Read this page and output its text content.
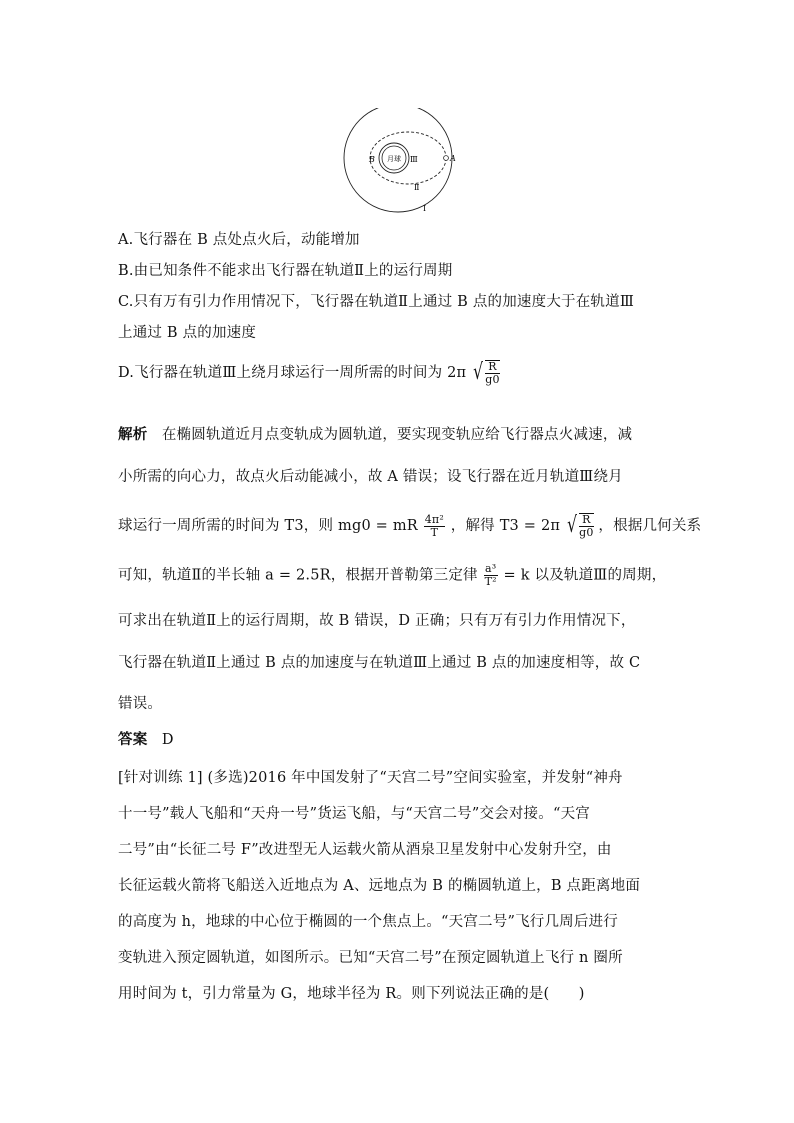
月球
B	A
Ⅲ
Ⅱ
Ⅰ
A.飞行器在 B 点处点火后，动能增加
B.由已知条件不能求出飞行器在轨道Ⅱ上的运行周期
C.只有万有引力作用情况下，飞行器在轨道Ⅱ上通过 B 点的加速度大于在轨道Ⅲ
上通过 B 点的加速度
D.飞行器在轨道Ⅲ上绕月球运行一周所需的时间为 2π √ $\frac{R}{g0}$
解析 在椭圆轨道近月点变轨成为圆轨道，要实现变轨应给飞行器点火减速，减
小所需的向心力，故点火后动能减小，故 A 错误；设飞行器在近月轨道Ⅲ绕月
球运行一周所需的时间为 T3，则 mg0 = mR $\frac{\text{4π²}}{T}$ ，解得 T3 = 2π √ $\frac{R}{g0}$ ，根据几何关系
可知，轨道Ⅱ的半长轴 a = 2.5R，根据开普勒第三定律 $\frac{\text{a³}}{\text{T²}} = k$ 以及轨道Ⅲ的周期，
可求出在轨道Ⅱ上的运行周期，故 B 错误，D 正确；只有万有引力作用情况下，
飞行器在轨道Ⅱ上通过 B 点的加速度与在轨道Ⅲ上通过 B 点的加速度相等，故 C
错误。
答案 D
[针对训练 1] (多选)2016 年中国发射了“天宫二号”空间实验室，并发射“神舟
十一号”载人飞船和“天舟一号”货运飞船，与“天宫二号”交会对接。“天宫
二号”由“长征二号 F”改进型无人运载火箭从酒泉卫星发射中心发射升空，由
长征运载火箭将飞船送入近地点为 A、远地点为 B 的椭圆轨道上，B 点距离地面
的高度为 h，地球的中心位于椭圆的一个焦点上。“天宫二号”飞行几周后进行
变轨进入预定圆轨道，如图所示。已知“天宫二号”在预定圆轨道上飞行 n 圈所
用时间为 t，引力常量为 G，地球半径为 R。则下列说法正确的是(　　)
